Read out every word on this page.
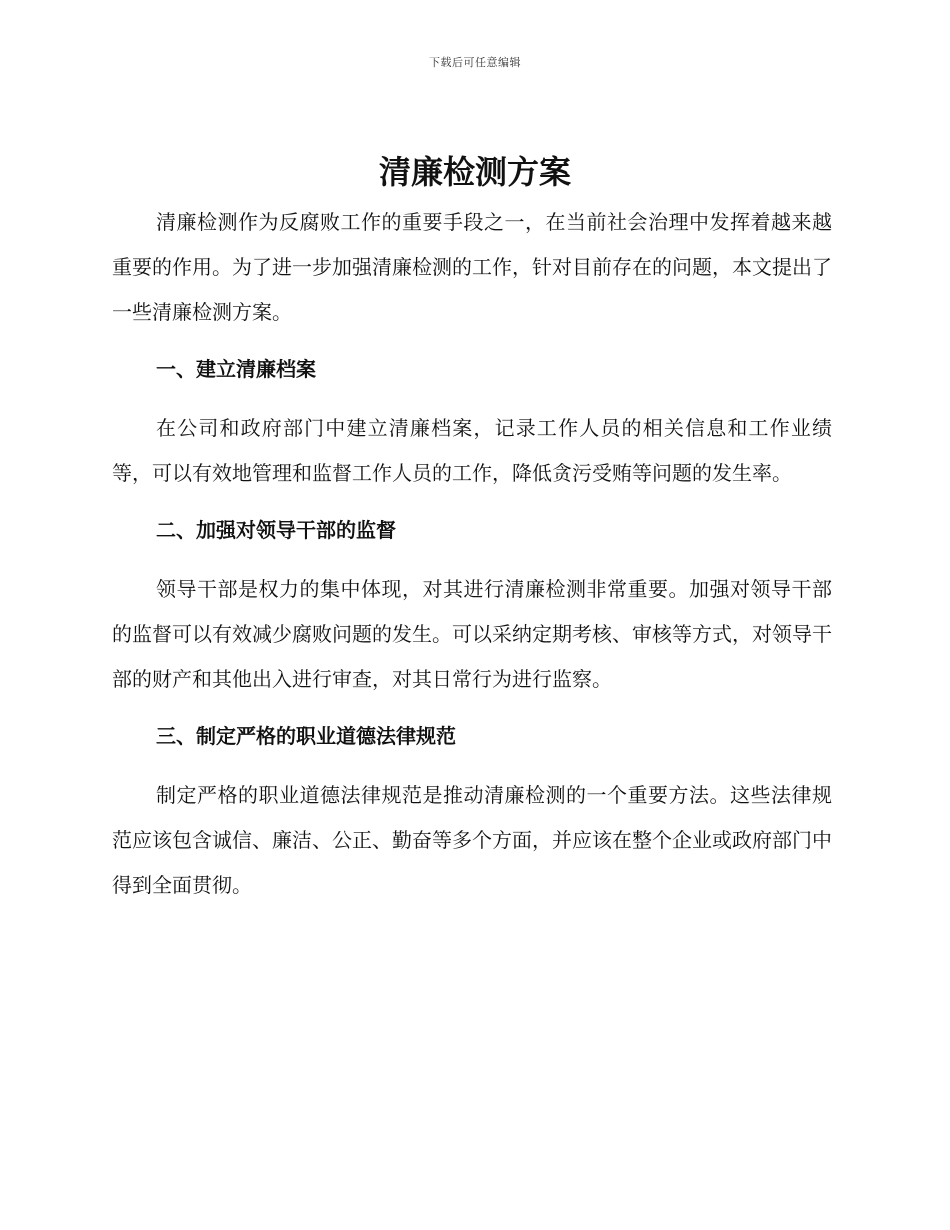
下载后可任意编辑
清廉检测方案

清廉检测作为反腐败工作的重要手段之一，在当前社会治理中发挥着越来越重要的作用。为了进一步加强清廉检测的工作，针对目前存在的问题，本文提出了一些清廉检测方案。

一、建立清廉档案

在公司和政府部门中建立清廉档案，记录工作人员的相关信息和工作业绩等，可以有效地管理和监督工作人员的工作，降低贪污受贿等问题的发生率。

二、加强对领导干部的监督

领导干部是权力的集中体现，对其进行清廉检测非常重要。加强对领导干部的监督可以有效减少腐败问题的发生。可以采纳定期考核、审核等方式，对领导干部的财产和其他出入进行审查，对其日常行为进行监察。

三、制定严格的职业道德法律规范

制定严格的职业道德法律规范是推动清廉检测的一个重要方法。这些法律规范应该包含诚信、廉洁、公正、勤奋等多个方面，并应该在整个企业或政府部门中得到全面贯彻。
